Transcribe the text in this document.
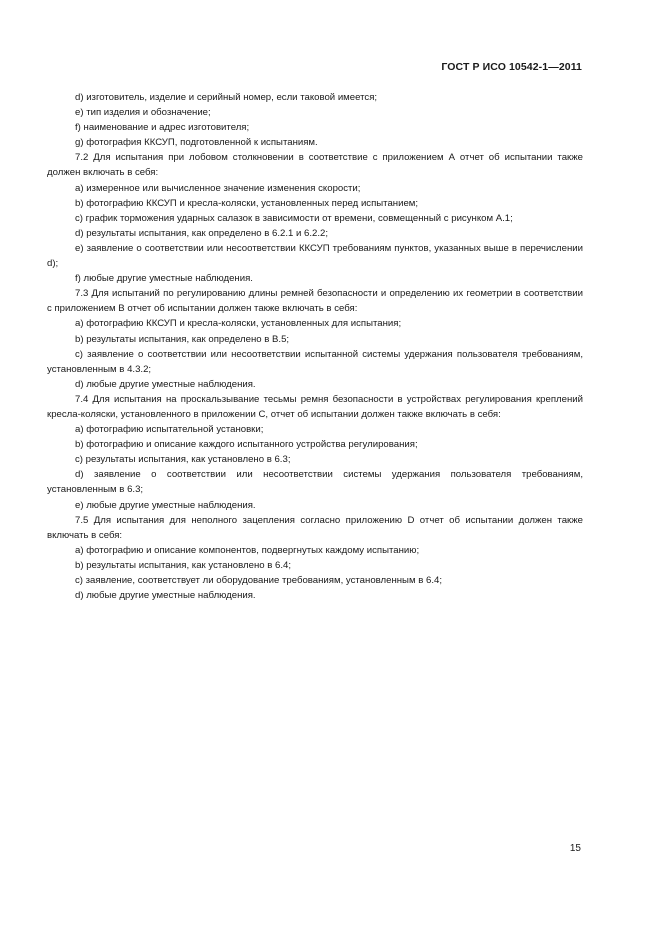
ГОСТ Р ИСО 10542-1—2011

d) изготовитель, изделие и серийный номер, если таковой имеется;

e) тип изделия и обозначение;

f) наименование и адрес изготовителя;

g) фотография ККСУП, подготовленной к испытаниям.

7.2 Для испытания при лобовом столкновении в соответствие с приложением А отчет об испытании также должен включать в себя:

a) измеренное или вычисленное значение изменения скорости;

b) фотографию ККСУП и кресла-коляски, установленных перед испытанием;

c) график торможения ударных салазок в зависимости от времени, совмещенный с рисунком А.1;

d) результаты испытания, как определено в 6.2.1 и 6.2.2;

e) заявление о соответствии или несоответствии ККСУП требованиям пунктов, указанных выше в перечислении d);

f) любые другие уместные наблюдения.

7.3 Для испытаний по регулированию длины ремней безопасности и определению их геометрии в соответствии с приложением В отчет об испытании должен также включать в себя:

a) фотографию ККСУП и кресла-коляски, установленных для испытания;

b) результаты испытания, как определено в В.5;

c) заявление о соответствии или несоответствии испытанной системы удержания пользователя требованиям, установленным в 4.3.2;

d) любые другие уместные наблюдения.

7.4 Для испытания на проскальзывание тесьмы ремня безопасности в устройствах регулирования креплений кресла-коляски, установленного в приложении С, отчет об испытании должен также включать в себя:

a) фотографию испытательной установки;

b) фотографию и описание каждого испытанного устройства регулирования;

c) результаты испытания, как установлено в 6.3;

d) заявление о соответствии или несоответствии системы удержания пользователя требованиям, установленным в 6.3;

e) любые другие уместные наблюдения.

7.5 Для испытания для неполного зацепления согласно приложению D отчет об испытании должен также включать в себя:

a) фотографию и описание компонентов, подвергнутых каждому испытанию;

b) результаты испытания, как установлено в 6.4;

c) заявление, соответствует ли оборудование требованиям, установленным в 6.4;

d) любые другие уместные наблюдения.

15
